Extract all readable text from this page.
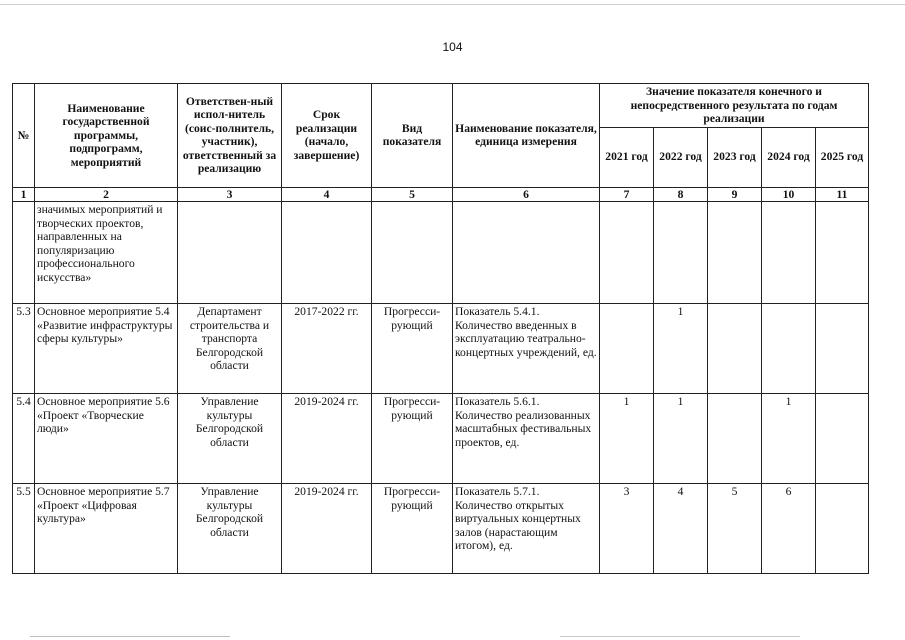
104
№	Наименование государственной программы, подпрограмм, мероприятий	Ответствен-ный испол-нитель (соис-полнитель, участник), ответственный за реализацию	Срок реализации (начало, завершение)	Вид показателя	Наименование показателя, единица измерения	Значение показателя конечного и непосредственного результата по годам реализации				
						2021 год	2022 год	2023 год	2024 год	2025 год
1	2	3	4	5	6	7	8	9	10	11
	значимых мероприятий и творческих проектов, направленных на популяризацию профессионального искусства»									
5.3	Основное мероприятие 5.4 «Развитие инфраструктуры сферы культуры»	Департамент строительства и транспорта Белгородской области	2017-2022 гг.	Прогресси-рующий	Показатель 5.4.1. Количество введенных в эксплуатацию театрально-концертных учреждений, ед.		1			
5.4	Основное мероприятие 5.6 «Проект «Творческие люди»	Управление культуры Белгородской области	2019-2024 гг.	Прогресси-рующий	Показатель 5.6.1. Количество реализованных масштабных фестивальных проектов, ед.	1	1		1	
5.5	Основное мероприятие 5.7 «Проект «Цифровая культура»	Управление культуры Белгородской области	2019-2024 гг.	Прогресси-рующий	Показатель 5.7.1. Количество открытых виртуальных концертных залов (нарастающим итогом), ед.	3	4	5	6	
